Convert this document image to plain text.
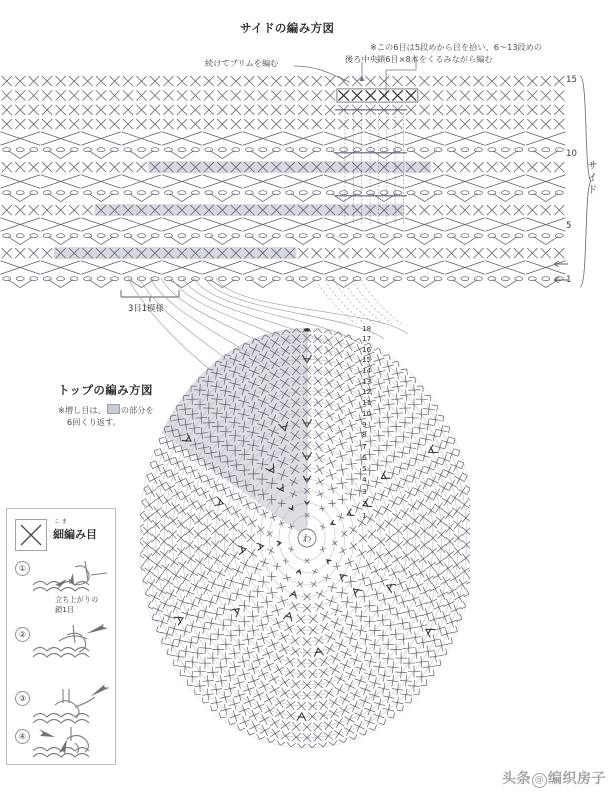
サイドの編み方図
※この6目は5段めから目を拾い、6〜13段めの
鎖6目×8本をくるみながら編む
続けてブリムを編む	後ろ中央
15
10
5
1
サイド
3目1模様
トップの編み方図
※増し目は、 の部分を
6回くり返す。
わ
1
2
3
4
5
6
7
8
9
10
11
12
13
14
15
16
17
18
こま
細編み目
①
立ち上がりの
鎖1目
②
③
④
头条 @ 编织房子
